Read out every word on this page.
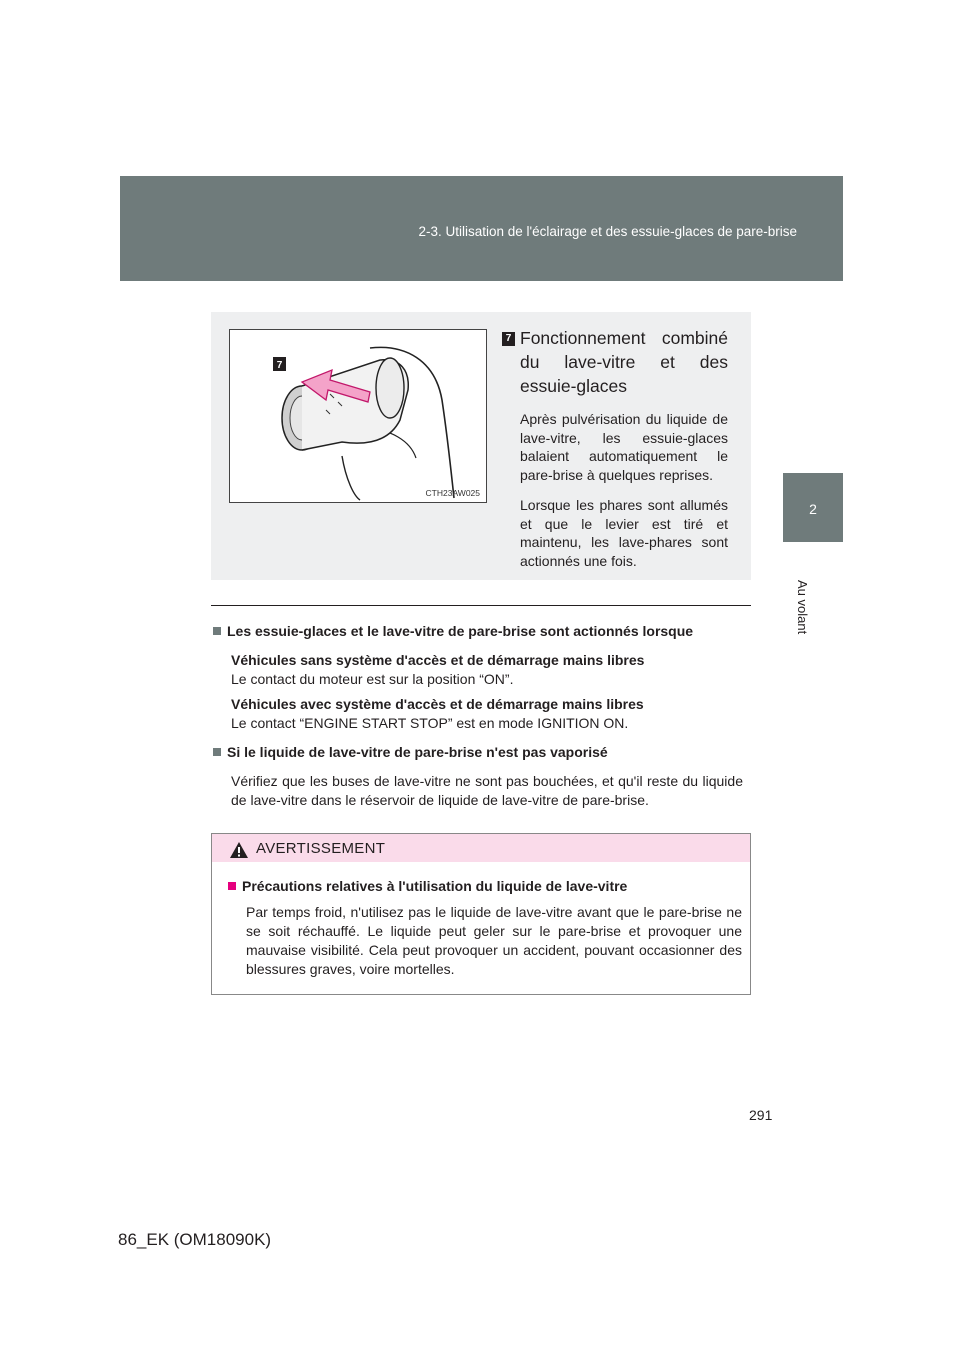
2-3. Utilisation de l'éclairage et des essuie-glaces de pare-brise
2
Au volant
7
CTH23AW025
7 Fonctionnement combiné du lave-vitre et des essuie-glaces
Après pulvérisation du liquide de lave-vitre, les essuie-glaces balaient automatiquement le pare-brise à quelques reprises.
Lorsque les phares sont allumés et que le levier est tiré et maintenu, les lave-phares sont actionnés une fois.
Les essuie-glaces et le lave-vitre de pare-brise sont actionnés lorsque
Véhicules sans système d'accès et de démarrage mains libres
Le contact du moteur est sur la position “ON”.
Véhicules avec système d'accès et de démarrage mains libres
Le contact “ENGINE START STOP” est en mode IGNITION ON.
Si le liquide de lave-vitre de pare-brise n'est pas vaporisé
Vérifiez que les buses de lave-vitre ne sont pas bouchées, et qu'il reste du liquide de lave-vitre dans le réservoir de liquide de lave-vitre de pare-brise.
AVERTISSEMENT
Précautions relatives à l'utilisation du liquide de lave-vitre
Par temps froid, n'utilisez pas le liquide de lave-vitre avant que le pare-brise ne se soit réchauffé. Le liquide peut geler sur le pare-brise et provoquer une mauvaise visibilité. Cela peut provoquer un accident, pouvant occasionner des blessures graves, voire mortelles.
291
86_EK (OM18090K)
